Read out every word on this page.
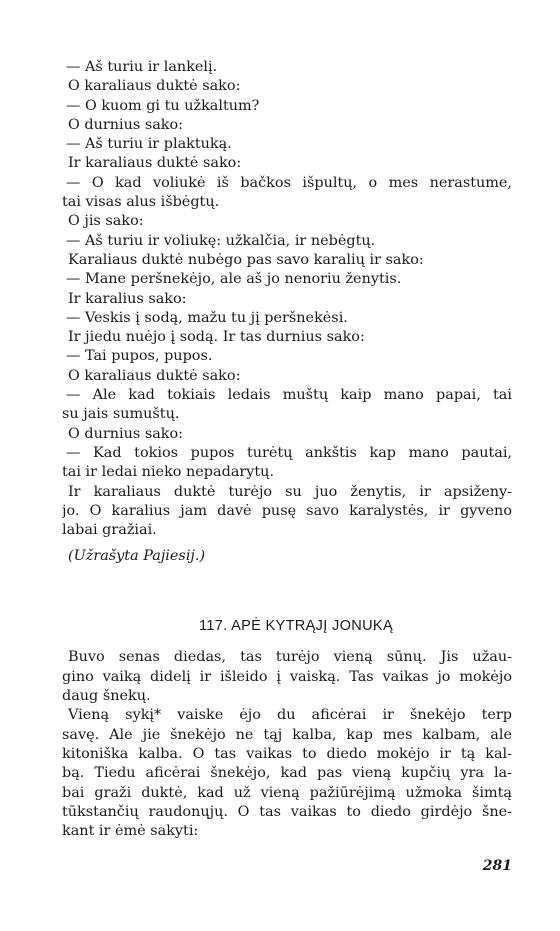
— Aš turiu ir lankelį.
O karaliaus duktė sako:
— O kuom gi tu užkaltum?
O durnius sako:
— Aš turiu ir plaktuką.
Ir karaliaus duktė sako:
— O kad voliukė iš bačkos išpultų, o mes nerastume,
tai visas alus išbėgtų.
O jis sako:
— Aš turiu ir voliukę: užkalčia, ir nebėgtų.
Karaliaus duktė nubėgo pas savo karalių ir sako:
— Mane peršnekėjo, ale aš jo nenoriu ženytis.
Ir karalius sako:
— Veskis į sodą, mažu tu jį peršnekėsi.
Ir jiedu nuėjo į sodą. Ir tas durnius sako:
— Tai pupos, pupos.
O karaliaus duktė sako:
— Ale kad tokiais ledais muštų kaip mano papai, tai
su jais sumuštų.
O durnius sako:
— Kad tokios pupos turėtų ankštis kap mano pautai,
tai ir ledai nieko nepadarytų.
Ir karaliaus duktė turėjo su juo ženytis, ir apsiženy-
jo. O karalius jam davė pusę savo karalystės, ir gyveno
labai gražiai.
(Užrašyta Pajiesij.)
117. APĖ KYTRĄJĮ JONUKĄ
Buvo senas diedas, tas turėjo vieną sūnų. Jis užau-
gino vaiką didelį ir išleido į vaiską. Tas vaikas jo mokėjo
daug šnekų.
Vieną sykį* vaiske ėjo du aficėrai ir šnekėjo terp
savę. Ale jie šnekėjo ne tąj kalba, kap mes kalbam, ale
kitoniška kalba. O tas vaikas to diedo mokėjo ir tą kal-
bą. Tiedu aficėrai šnekėjo, kad pas vieną kupčių yra la-
bai graži duktė, kad už vieną pažiūrėjimą užmoka šimtą
tūkstančių raudonųjų. O tas vaikas to diedo girdėjo šne-
kant ir ėmė sakyti:
281
